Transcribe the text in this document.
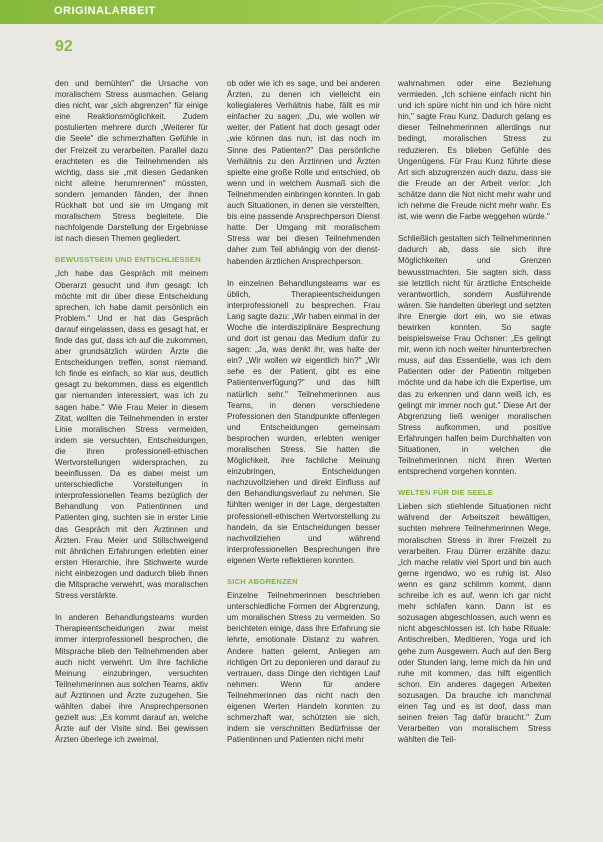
ORIGINALARBEIT
92

den und bemühten" die Ursache von moralischem Stress ausmachen. Gelang dies nicht, war „sich abgrenzen" für einige eine Reaktionsmöglichkeit. Zudem postulierten mehrere durch „Weiterer für die Seele" die schmerzhaften Gefühle in der Freizeit zu verarbeiten. Parallel dazu erachteten es die Teilnehmenden als wichtig, dass sie „mit diesen Gedanken nicht alleine herumrennen" müssten, sondern jemanden fänden, der ihnen Rückhalt bot und sie im Umgang mit moralischem Stress begleitete. Die nachfolgende Darstellung der Ergebnisse ist nach diesen Themen gegliedert.

BEWUSSTSEIN UND ENTSCHLIESSEN

„Ich habe das Gespräch mit meinem Oberarzt gesucht und ihm gesagt: Ich möchte mit dir über diese Entscheidung sprechen, ich habe damit persönlich ein Problem." Und er hat das Gespräch darauf eingelassen, dass es gesagt hat, er finde das gut, dass ich auf die zukommen, aber grundsätzlich würden Ärzte die Entscheidungen treffen, sonst niemand. Ich finde es einfach, so klar aus, deutlich gesagt zu bekommen, dass es eigentlich gar niemanden interessiert, was ich zu sagen habe." Wie Frau Meier in diesem Zitat, wollten die Teilnehmenden in erster Linie moralischen Stress vermeiden, indem sie versuchten, Entscheidungen, die ihren professionell-ethischen Wertvorstellungen widersprachen, zu beeinflussen. Da es dabei meist um unterschiedliche Vorstellungen in interprofessionellen Teams bezüglich der Behandlung von Patientinnen und Patienten ging, suchten sie in erster Linie das Gespräch mit den Ärztinnen und Ärzten. Frau Meier und Stillschweigend mit ähnlichen Erfahrungen erlebten einer ersten Hierarchie, ihre Stichwerte wurde nicht einbezogen und dadurch blieb ihnen die Mitsprache verwehrt, was moralischen Stress verstärkte.

In anderen Behandlungsteams wurden Therapieentscheidungen zwar meist immer interprofessionell besprochen, die Mitsprache blieb den Teilnehmenden aber auch nicht verwehrt. Um ihre fachliche Meinung einzubringen, versuchten Teilnehmerinnen aus solchen Teams, aktiv auf Ärztinnen und Ärzte zuzugehen. Sie wählten dabei ihre Ansprechpersonen gezielt aus: „Es kommt darauf an, welche Ärzte auf der Visite sind. Bei gewissen Ärzten überlege ich zweimal,

ob oder wie ich es sage, und bei anderen Ärzten, zu denen ich vielleicht ein kollegialeres Verhältnis habe, fällt es mir einfacher zu sagen: „Du, wie wollen wir weiter, der Patient hat doch gesagt oder „wie können das nun, ist das noch im Sinne des Patienten?" Das persönliche Verhältnis zu den Ärztinnen und Ärzten spielte eine große Rolle und entschied, ob wenn und in welchem Ausmaß sich die Teilnehmenden einbringen konnten. In gab auch Situationen, in denen sie versteiften, bis eine passende Ansprechperson Dienst hatte. Der Umgang mit moralischem Stress war bei diesen Teilnehmenden daher zum Teil abhängig von der diensthabenden ärztlichen Ansprechperson.

In einzelnen Behandlungsteams war es üblich, Therapieentscheidungen interprofessionell zu besprechen. Frau Lang sagte dazu: „Wir haben einmal in der Woche die interdisziplinäre Besprechung und dort ist genau das Medium dafür zu sagen: „Ja, was denkt ihr, was halte der ein? „Wir wollen wir eigentlich hin?" „Wir sehe es der Patient, gibt es eine Patientenverfügung?" und das hilft natürlich sehr." Teilnehmerinnen aus Teams, in denen verschiedene Professionen den Standpunkte offenlegen und Entscheidungen gemeinsam besprochen wurden, erlebten weniger moralischen Stress. Sie hatten die Möglichkeit, ihre fachliche Meinung einzubringen, Entscheidungen nachzuvollziehen und direkt Einfluss auf den Behandlungsverlauf zu nehmen. Sie fühlten weniger in der Lage, dergestalten professionell-ethischen Wertvorstellung zu handeln, da sie Entscheidungen besser nachvollziehen und während interprofessionellen Besprechungen ihre eigenen Werte reflektieren konnten.

SICH ABGRENZEN

Einzelne Teilnehmerinnen beschrieben unterschiedliche Formen der Abgrenzung, um moralischen Stress zu vermeiden. So berichteten einige, dass ihre Erfahrung sie lehrte, emotionale Distanz zu wahren. Andere hatten gelernt, Anliegen am richtigen Ort zu deponieren und darauf zu vertrauen, dass Dinge den richtigen Lauf nehmen. Wenn für andere Teilnehmerinnen das nicht nach den eigenen Werten Handeln konnten zu schmerzhaft war, schützten sie sich, indem sie verschnitten Bedürfnisse der Patientinnen und Patienten nicht mehr

wahrnahmen oder eine Beziehung vermieden. „Ich schiene einfach nicht hin und ich spüre nicht hin und ich höre nicht hin," sagte Frau Kunz. Dadurch gelang es dieser Teilnehmerinnen allerdings nur bedingt, moralischen Stress zu reduzieren. Es blieben Gefühle des Ungenügens. Für Frau Kunz führte diese Art sich abzugrenzen auch dazu, dass sie die Freude an der Arbeit verlor: „Ich schätze dann die Not nicht mehr wahr und ich nehme die Freude nicht mehr wahr. Es ist, wie wenn die Farbe weggehen würde."

Schließlich gestalten sich Teilnehmerinnen dadurch ab, dass sie sich ihre Möglichkeiten und Grenzen bewusstmachten. Sie sagten sich, dass sie letztlich nicht für ärztliche Entscheide verantwortlich, sondern Ausführende wären. Sie handelten überlegt und setzten ihre Energie dort ein, wo sie etwas bewirken konnten. So sagte beispielsweise Frau Ochsner: „Es gelingt mir, wenn ich noch weiter hinunterbrechen muss, auf das Essentielle, was ich dem Patienten oder der Patientin mitgeben möchte und da habe ich die Expertise, um das zu erkennen und dann weiß ich, es gelingt mir immer noch gut." Diese Art der Abgrenzung ließ weniger moralischen Stress aufkommen, und positive Erfahrungen halfen beim Durchhalten von Situationen, in welchen die Teilnehmerinnen nicht ihren Werten entsprechend vorgehen konnten.

WELTEN FÜR DIE SEELE

Lieben sich stiehlende Situationen nicht während der Arbeitszeit bewältigen, suchten mehrere Teilnehmerinnen Wege, moralischen Stress in ihrer Freizeit zu verarbeiten. Frau Dürrer erzählte dazu: „Ich mache relativ viel Sport und bin auch gerne irgendwo, wo es ruhig ist. Also wenn es ganz schlimm kommt, dann schreibe ich es auf, wenn ich gar nicht mehr schlafen kann. Dann ist es sozusagen abgeschlossen, auch wenn es nicht abgeschlossen ist. Ich habe Rituale: Antischreiben, Meditieren, Yoga und ich gehe zum Ausgewern. Auch auf den Berg oder Stunden lang, lerne mich da hin und ruhe mit kommen, das hilft eigentlich schon. Ein anderes dagegen Arbeiten sozusagen. Da brauche ich manchmal einen Tag und es ist doof, dass man seinen freien Tag dafür braucht." Zum Verarbeiten von moralischem Stress wählten die Teil-
